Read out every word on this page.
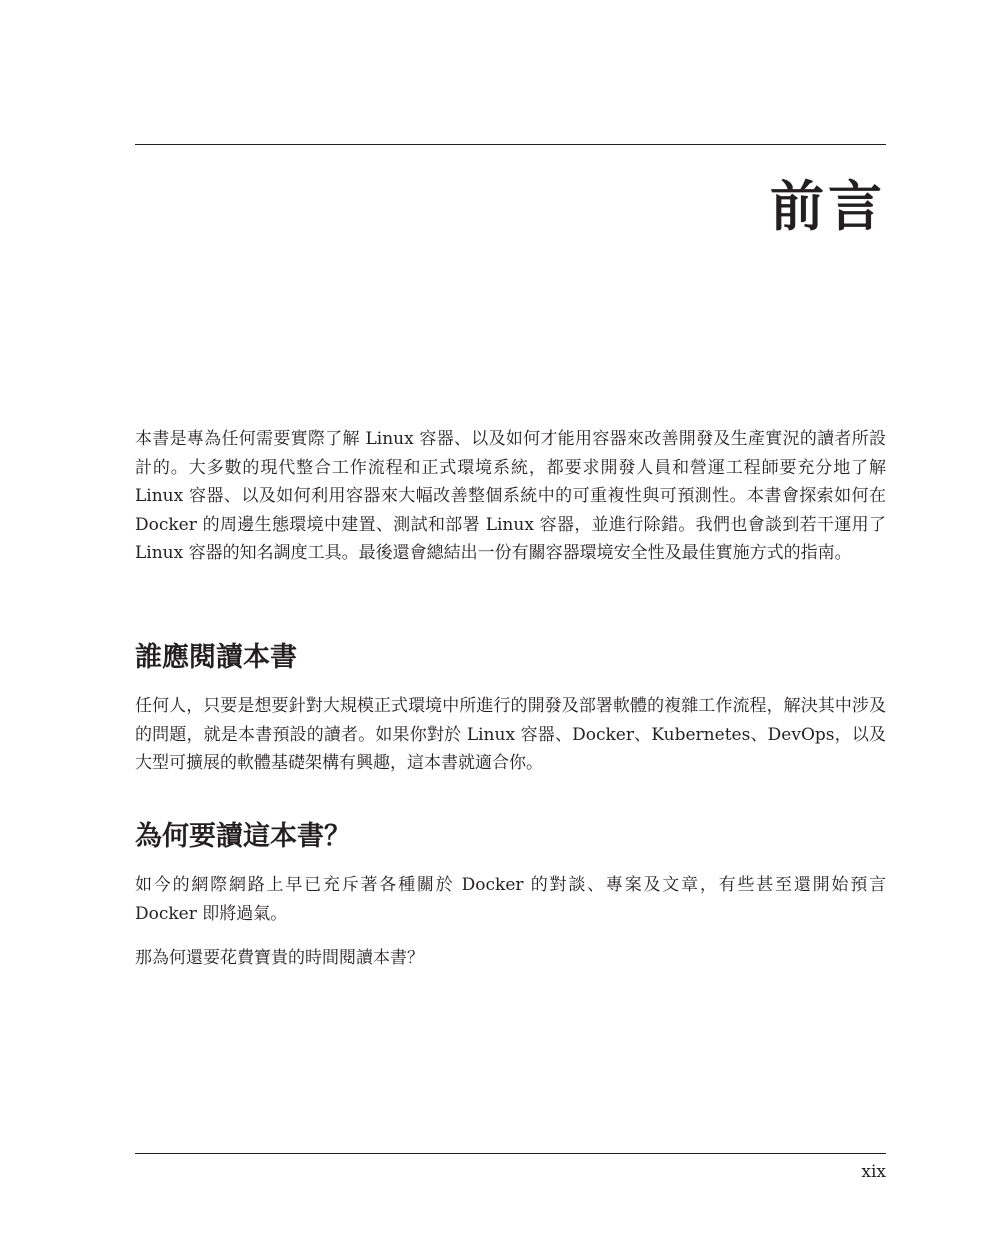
前言

本書是專為任何需要實際了解 Linux 容器、以及如何才能用容器來改善開發及生產實況的讀者所設計的。大多數的現代整合工作流程和正式環境系統，都要求開發人員和營運工程師要充分地了解 Linux 容器、以及如何利用容器來大幅改善整個系統中的可重複性與可預測性。本書會探索如何在 Docker 的周邊生態環境中建置、測試和部署 Linux 容器，並進行除錯。我們也會談到若干運用了 Linux 容器的知名調度工具。最後還會總結出一份有關容器環境安全性及最佳實施方式的指南。

誰應閱讀本書

任何人，只要是想要針對大規模正式環境中所進行的開發及部署軟體的複雜工作流程，解決其中涉及的問題，就是本書預設的讀者。如果你對於 Linux 容器、Docker、Kubernetes、DevOps，以及大型可擴展的軟體基礎架構有興趣，這本書就適合你。

為何要讀這本書？

如今的網際網路上早已充斥著各種關於 Docker 的對談、專案及文章，有些甚至還開始預言 Docker 即將過氣。

那為何還要花費寶貴的時間閱讀本書？

xix
